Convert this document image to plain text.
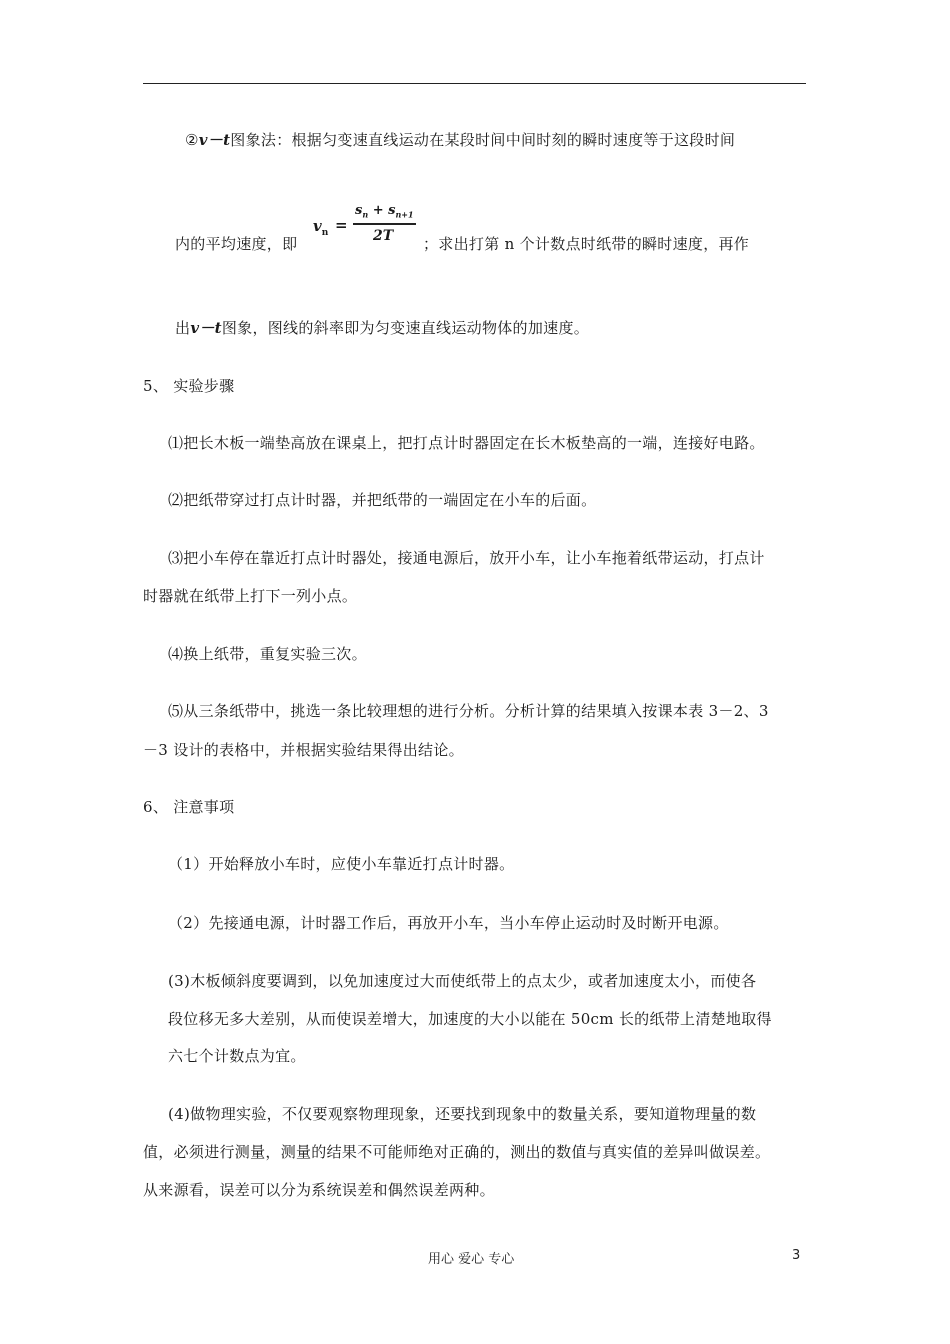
②v－t图象法：根据匀变速直线运动在某段时间中间时刻的瞬时速度等于这段时间
内的平均速度，即
$v_n$ =
$s_n + s_{n+1}$
2T ；求出打第 n 个计数点时纸带的瞬时速度，再作
出v－t图象，图线的斜率即为匀变速直线运动物体的加速度。
5、 实验步骤
⑴把长木板一端垫高放在课桌上，把打点计时器固定在长木板垫高的一端，连接好电路。
⑵把纸带穿过打点计时器，并把纸带的一端固定在小车的后面。
⑶把小车停在靠近打点计时器处，接通电源后，放开小车，让小车拖着纸带运动，打点计
时器就在纸带上打下一列小点。
⑷换上纸带，重复实验三次。
⑸从三条纸带中，挑选一条比较理想的进行分析。分析计算的结果填入按课本表 3－2、3
－3 设计的表格中，并根据实验结果得出结论。
6、 注意事项
（1）开始释放小车时，应使小车靠近打点计时器。
（2）先接通电源，计时器工作后，再放开小车，当小车停止运动时及时断开电源。
(3)木板倾斜度要调到，以免加速度过大而使纸带上的点太少，或者加速度太小，而使各
段位移无多大差别，从而使误差增大，加速度的大小以能在 50cm 长的纸带上清楚地取得
六七个计数点为宜。
(4)做物理实验，不仅要观察物理现象，还要找到现象中的数量关系，要知道物理量的数
值，必须进行测量，测量的结果不可能师绝对正确的，测出的数值与真实值的差异叫做误差。
从来源看，误差可以分为系统误差和偶然误差两种。
用心 爱心 专心	3
